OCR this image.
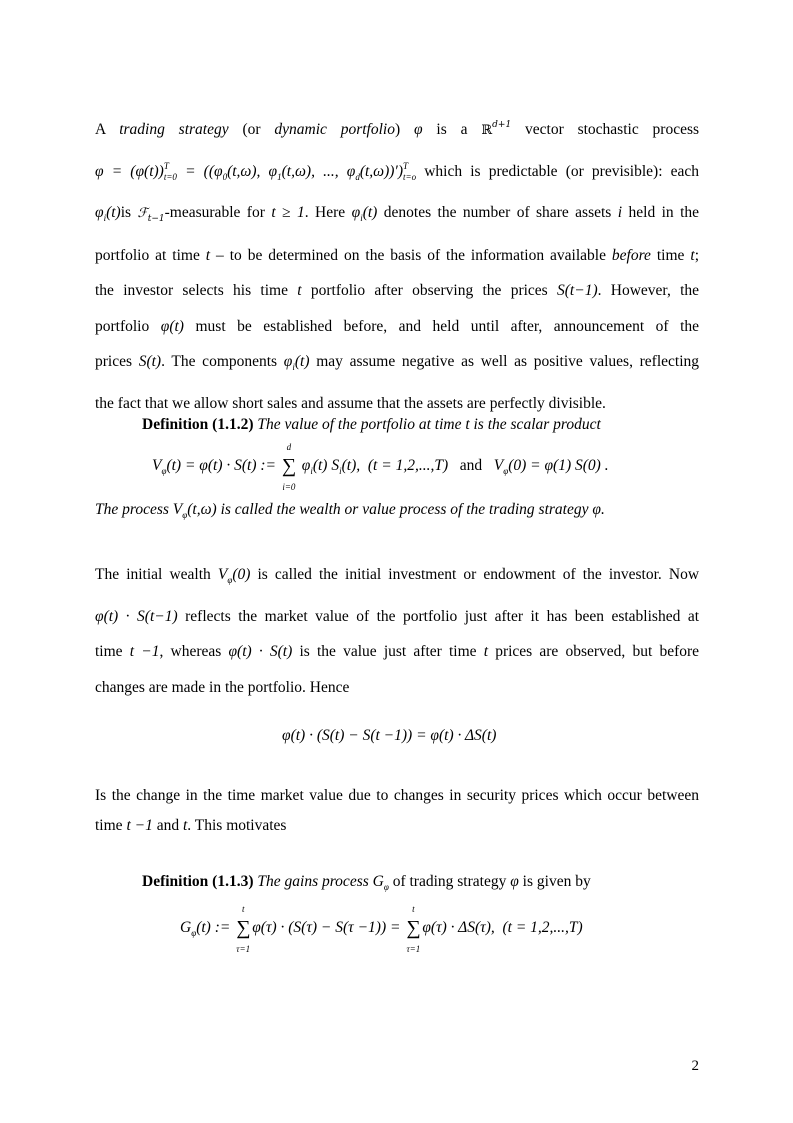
A trading strategy (or dynamic portfolio) φ is a ℝ$^{d+1}$ vector stochastic process
$\varphi = (\varphi(t))^T_{t=0} = ((\varphi_0(t,\omega)$, $\varphi_1(t,\omega)$, ..., $\varphi_d(t,\omega))')^T_{t=o}$ which is predictable (or previsible): each
$\varphi_i(t)is$ ℱ$_{t-1}$-measurable for t ≥ 1. Here $\varphi_i(t)$ denotes the number of share assets i held in the
portfolio at time t – to be determined on the basis of the information available before time t;
the investor selects his time t portfolio after observing the prices S(t−1). However, the
portfolio φ(t) must be established before, and held until after, announcement of the
prices S(t). The components $\varphi_i(t)$ may assume negative as well as positive values, reflecting
the fact that we allow short sales and assume that the assets are perfectly divisible.
Definition (1.1.2) The value of the portfolio at time t is the scalar product
$V_\varphi(t) = \varphi(t) \cdot S(t)$ :=
d
∑
i=0
$\varphi_i(t)$ $S_i(t)$, (t = 1,2,...,T) and $V_\varphi(0) = \varphi(1)$ S(0) .
The process $V_\varphi(t,\omega)$ is called the wealth or value process of the trading strategy φ.
The initial wealth $V_\varphi(0)$ is called the initial investment or endowment of the investor. Now
φ(t) · S(t−1) reflects the market value of the portfolio just after it has been established at
time t −1, whereas φ(t) · S(t) is the value just after time t prices are observed, but before
changes are made in the portfolio. Hence
φ(t) · (S(t) − S(t −1)) = φ(t) · ΔS(t)
Is the change in the time market value due to changes in security prices which occur between
time t −1 and t. This motivates
Definition (1.1.3) The gains process $G_\varphi$ of trading strategy φ is given by
$G_\varphi(t)$ :=
t
∑
τ=1
φ(τ) · (S(τ) − S(τ −1)) =
t
∑
τ=1
φ(τ) · ΔS(τ), (t = 1,2,...,T)
2
